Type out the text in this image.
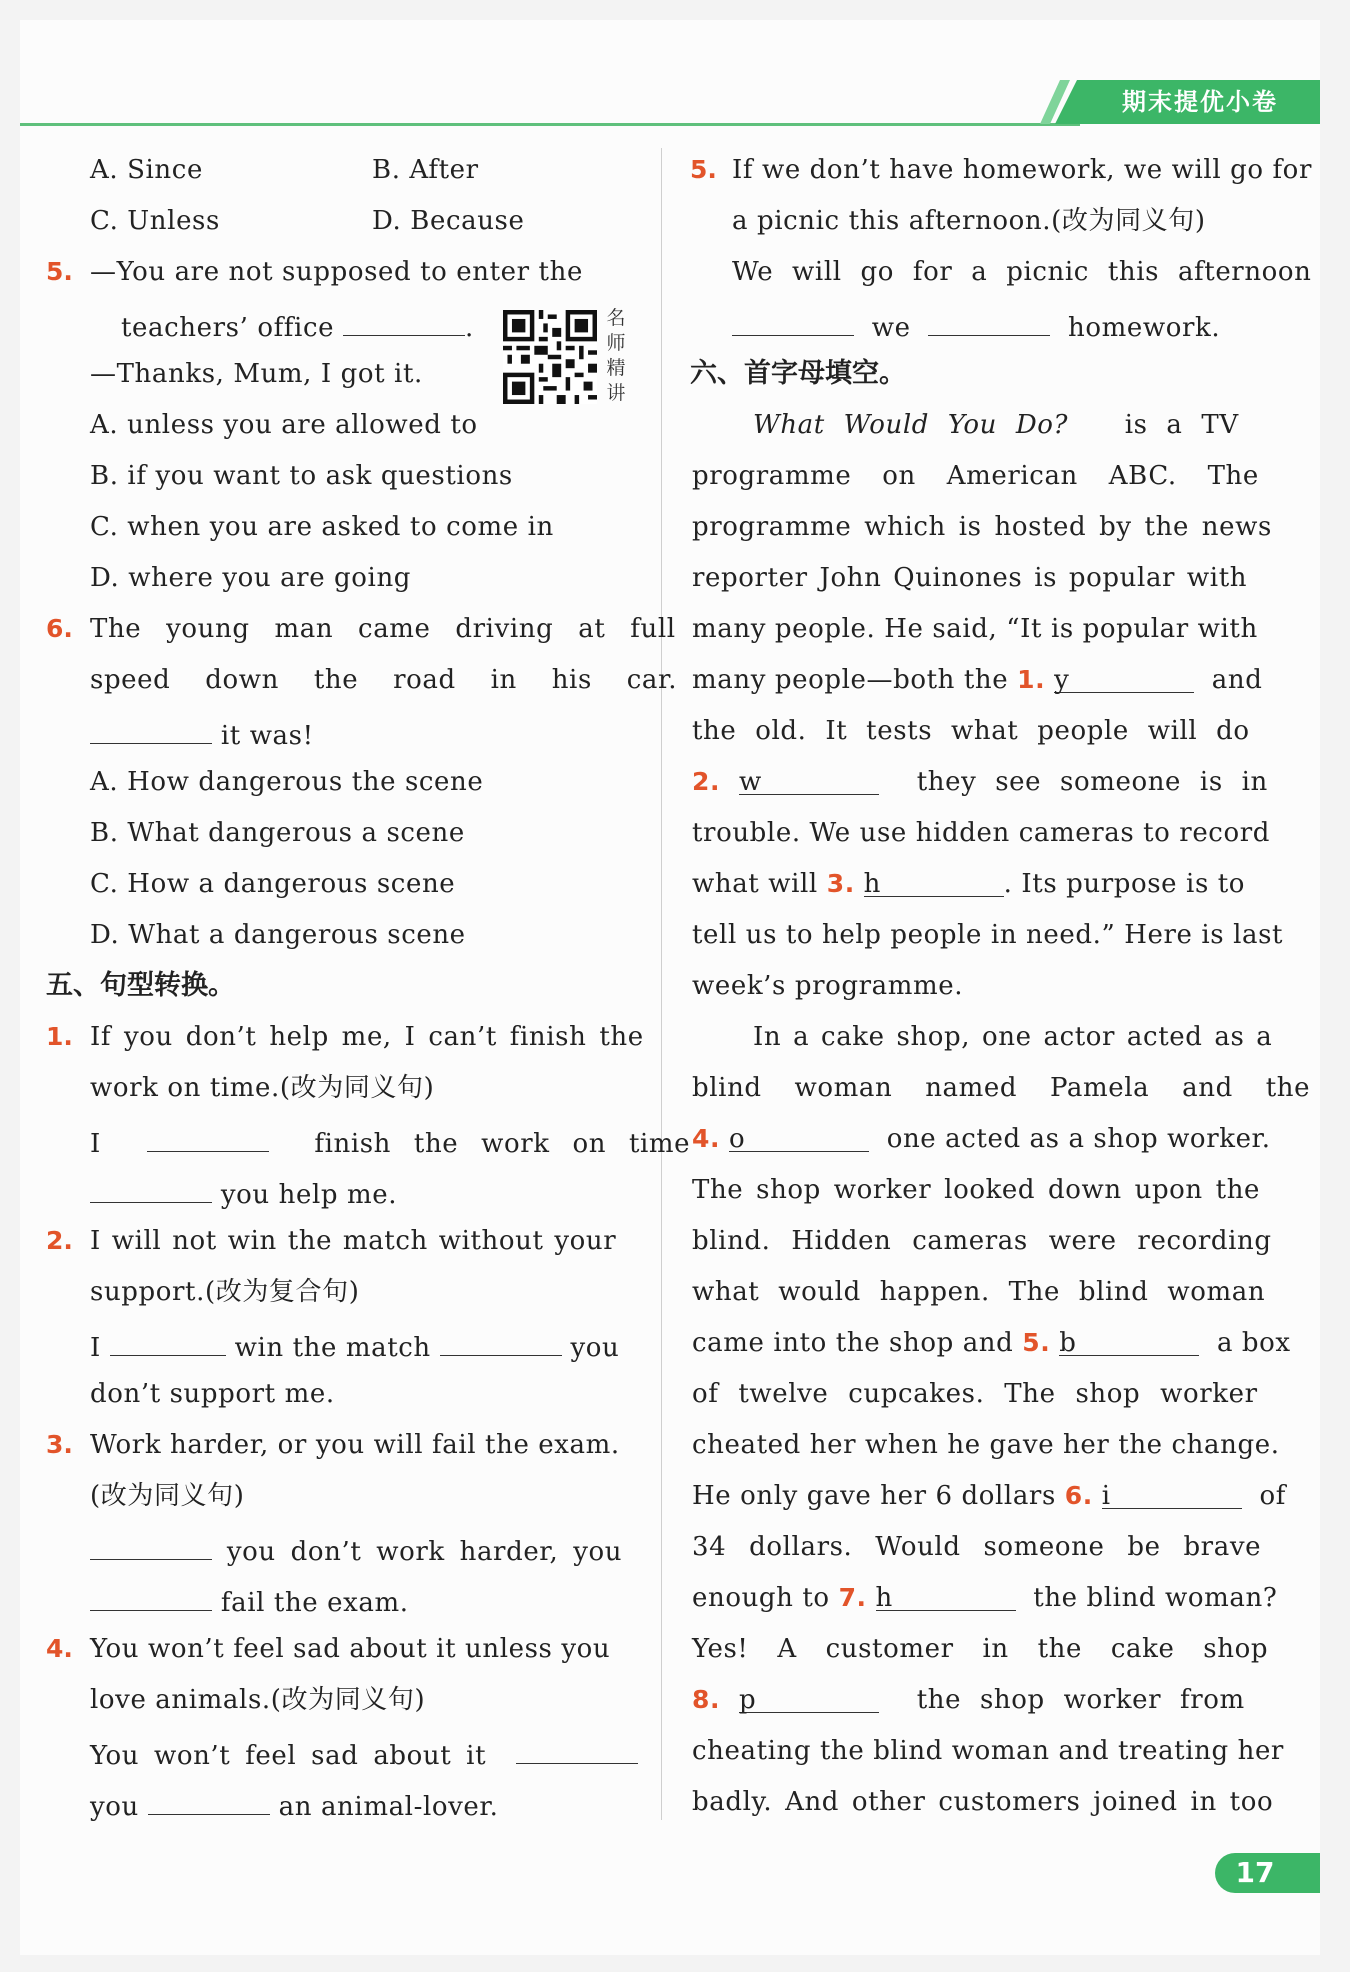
期末提优小卷
A. Since	B. After
C. Unless	D. Because
5. —You are not supposed to enter the
teachers’ office	.
—Thanks, Mum, I got it.
名师精讲
A. unless you are allowed to
B. if you want to ask questions
C. when you are asked to come in
D. where you are going
6. The young man came driving at full
speed down the road in his car.
it was!
A. How dangerous the scene
B. What dangerous a scene
C. How a dangerous scene
D. What a dangerous scene
五、句型转换。
1. If you don’t help me, I can’t finish the
work on time.(改为同义句)
I	finish the work on time
you help me.
2. I will not win the match without your
support.(改为复合句)
I	win the match	you
don’t support me.
3. Work harder, or you will fail the exam.
(改为同义句)
you don’t work harder, you
fail the exam.
4. You won’t feel sad about it unless you
love animals.(改为同义句)
You won’t feel sad about it
you	an animal-lover.
5. If we don’t have homework, we will go for
a picnic this afternoon.(改为同义句)
We will go for a picnic this afternoon
we	homework.
六、首字母填空。
What Would You Do? is a TV
programme on American ABC. The
programme which is hosted by the news
reporter John Quinones is popular with
many people. He said, “It is popular with
many people—both the 1. y	and
the old. It tests what people will do
2. w	they see someone is in
trouble. We use hidden cameras to record
what will 3. h	. Its purpose is to
tell us to help people in need.” Here is last
week’s programme.
In a cake shop, one actor acted as a
blind woman named Pamela and the
4. o	one acted as a shop worker.
The shop worker looked down upon the
blind. Hidden cameras were recording
what would happen. The blind woman
came into the shop and 5. b	a box
of twelve cupcakes. The shop worker
cheated her when he gave her the change.
He only gave her 6 dollars 6. i	of
34 dollars. Would someone be brave
enough to 7. h	the blind woman?
Yes! A customer in the cake shop
8. p	the shop worker from
cheating the blind woman and treating her
badly. And other customers joined in too
17
